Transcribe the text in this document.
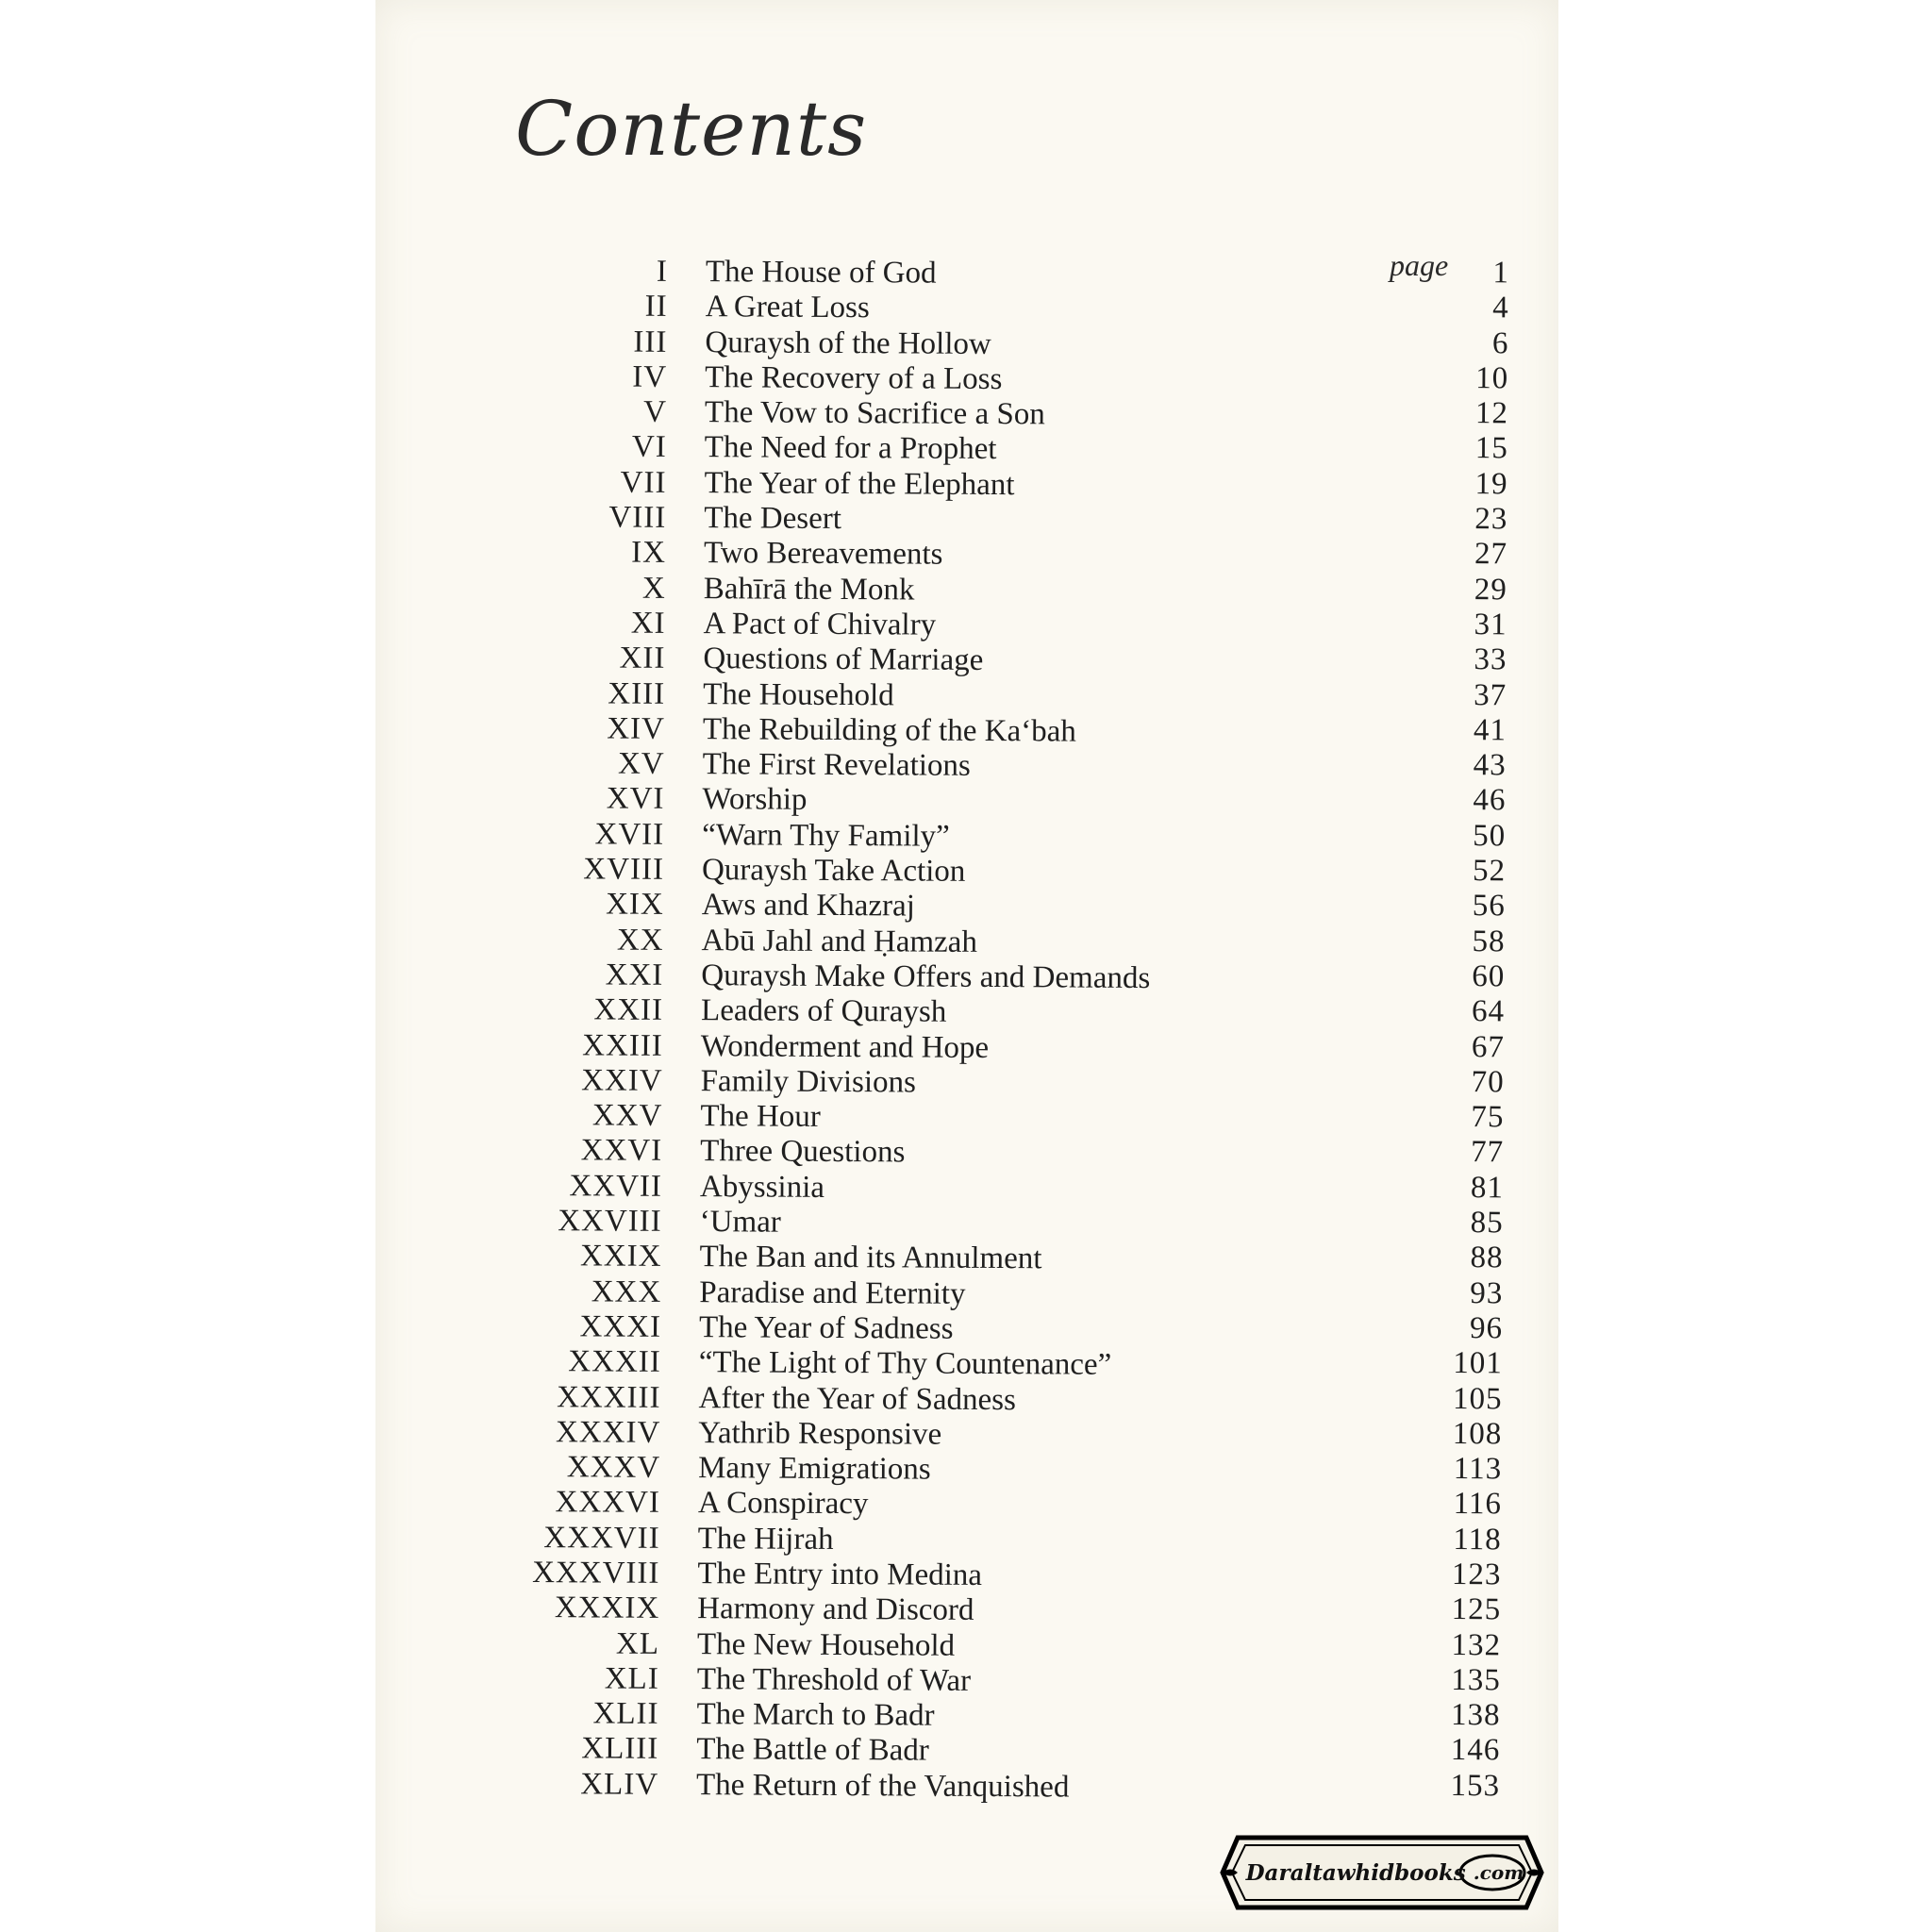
Contents
page
I The House of God	1
II A Great Loss	4
III Quraysh of the Hollow	6
IV The Recovery of a Loss	10
V The Vow to Sacrifice a Son	12
VI The Need for a Prophet	15
VII The Year of the Elephant	19
VIII The Desert	23
IX Two Bereavements	27
X Bahīrā the Monk	29
XI A Pact of Chivalry	31
XII Questions of Marriage	33
XIII The Household	37
XIV The Rebuilding of the Ka‘bah	41
XV The First Revelations	43
XVI Worship	46
XVII “Warn Thy Family”	50
XVIII Quraysh Take Action	52
XIX Aws and Khazraj	56
XX Abū Jahl and Ḥamzah	58
XXI Quraysh Make Offers and Demands	60
XXII Leaders of Quraysh	64
XXIII Wonderment and Hope	67
XXIV Family Divisions	70
XXV The Hour	75
XXVI Three Questions	77
XXVII Abyssinia	81
XXVIII ‘Umar	85
XXIX The Ban and its Annulment	88
XXX Paradise and Eternity	93
XXXI The Year of Sadness	96
XXXII “The Light of Thy Countenance”	101
XXXIII After the Year of Sadness	105
XXXIV Yathrib Responsive	108
XXXV Many Emigrations	113
XXXVI A Conspiracy	116
XXXVII The Hijrah	118
XXXVIII The Entry into Medina	123
XXXIX Harmony and Discord	125
XL The New Household	132
XLI The Threshold of War	135
XLII The March to Badr	138
XLIII The Battle of Badr	146
XLIV The Return of the Vanquished	153
Daraltawhidbooks .com
